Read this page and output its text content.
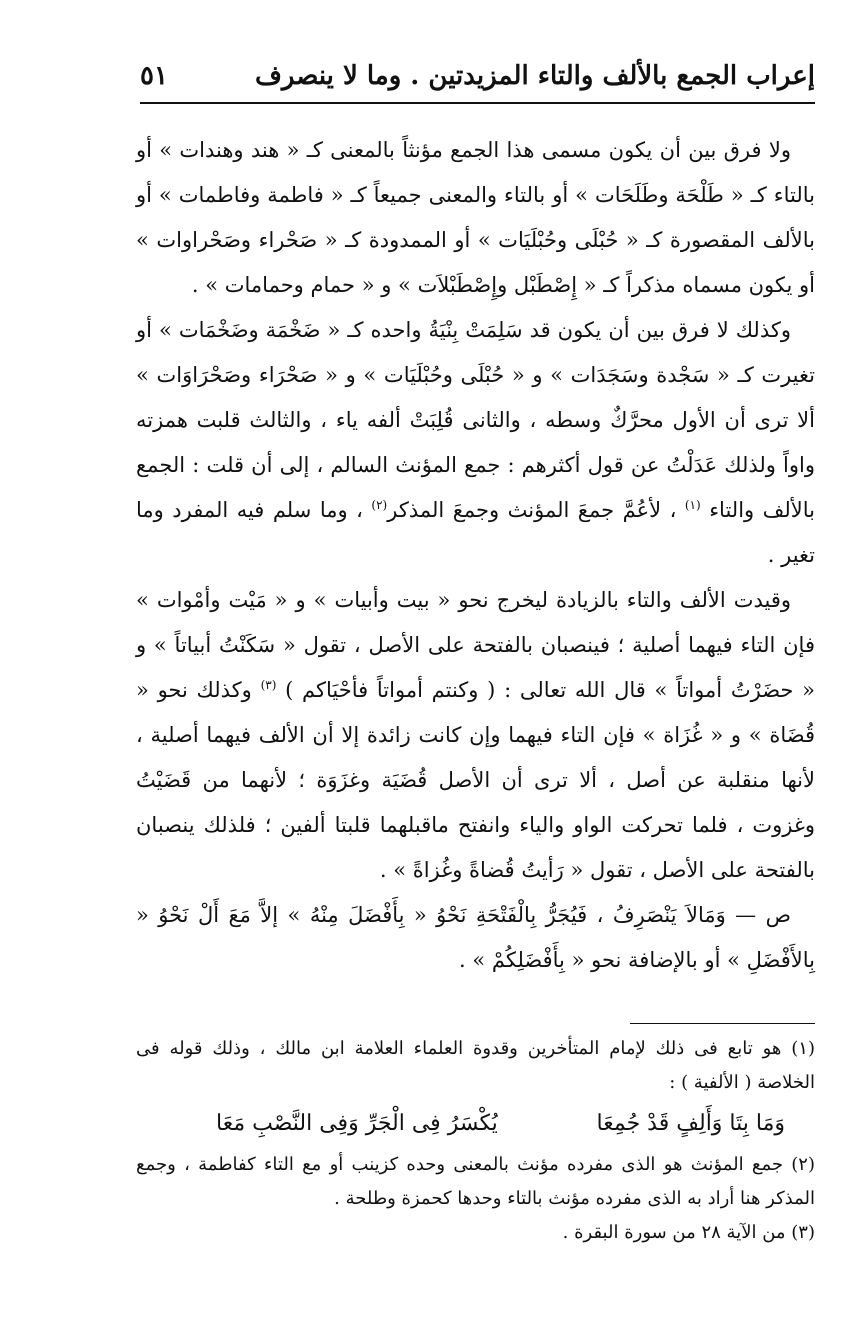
إعراب الجمع بالألف والتاء المزيدتين . وما لا ينصرف
٥١

ولا فرق بين أن يكون مسمى هذا الجمع مؤنثاً بالمعنى كـ « هند وهندات » أو بالتاء كـ « طَلْحَة وطَلَحَات » أو بالتاء والمعنى جميعاً كـ « فاطمة وفاطمات » أو بالألف المقصورة كـ « حُبْلَى وحُبْلَيَات » أو الممدودة كـ « صَحْراء وصَحْراوات » أو يكون مسماه مذكراً كـ « إِصْطَبْل وإِصْطَبْلاَت » و « حمام وحمامات » .

وكذلك لا فرق بين أن يكون قد سَلِمَتْ بِنْيَةُ واحده كـ « ضَخْمَة وضَخْمَات » أو تغيرت كـ « سَجْدة وسَجَدَات » و « حُبْلَى وحُبْلَيَات » و « صَحْرَاء وصَحْرَاوَات » ألا ترى أن الأول محرَّكٌ وسطه ، والثانى قُلِبَتْ ألفه ياء ، والثالث قلبت همزته واواً ولذلك عَدَلْتُ عن قول أكثرهم : جمع المؤنث السالم ، إلى أن قلت : الجمع بالألف والتاء $^{(١)}$ ، لأعُمَّ جمعَ المؤنث وجمعَ المذكر$^{(٢)}$ ، وما سلم فيه المفرد وما تغير .

وقيدت الألف والتاء بالزيادة ليخرج نحو « بيت وأبيات » و « مَيْت وأمْوات » فإن التاء فيهما أصلية ؛ فينصبان بالفتحة على الأصل ، تقول « سَكَنْتُ أبياتاً » و « حضَرْتُ أمواتاً » قال الله تعالى : ( وكنتم أمواتاً فأحْيَاكم ) $^{(٣)}$ وكذلك نحو « قُضَاة » و « غُزَاة » فإن التاء فيهما وإن كانت زائدة إلا أن الألف فيهما أصلية ، لأنها منقلبة عن أصل ، ألا ترى أن الأصل قُضَيَة وغزَوَة ؛ لأنهما من قَضَيْتُ وغزوت ، فلما تحركت الواو والياء وانفتح ماقبلهما قلبتا ألفين ؛ فلذلك ينصبان بالفتحة على الأصل ، تقول « رَأيتُ قُضاةً وغُزاةً » .

ص — وَمَالاَ يَنْصَرِفُ ، فَيُجَرُّ بِالْفَتْحَةِ نَحْوُ « بِأَفْضَلَ مِنْهُ » إلاَّ مَعَ أَلْ نَحْوُ « بِالأَفْضَلِ » أو بالإضافة نحو « بِأَفْضَلِكُمْ » .

(١) هو تابع فى ذلك لإمام المتأخرين وقدوة العلماء العلامة ابن مالك ، وذلك قوله فى الخلاصة ( الألفية ) :

وَمَا بِتَا وَأَلِفٍ قَدْ جُمِعَا
يُكْسَرُ فِى الْجَرِّ وَفِى النَّصْبِ مَعَا

(٢) جمع المؤنث هو الذى مفرده مؤنث بالمعنى وحده كزينب أو مع التاء كفاطمة ، وجمع المذكر هنا أراد به الذى مفرده مؤنث بالتاء وحدها كحمزة وطلحة .

(٣) من الآية ٢٨ من سورة البقرة .
